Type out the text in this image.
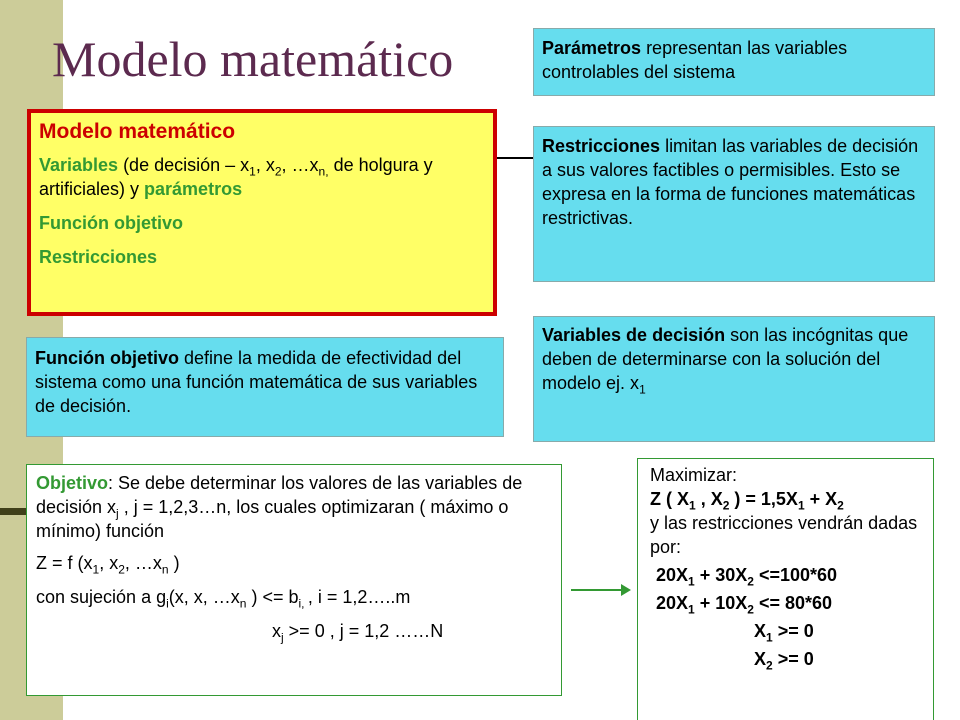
Modelo matemático	Parámetros representan las variables controlables del sistema
Restricciones limitan las variables de decisión a sus valores factibles o permisibles. Esto se expresa en la forma de funciones matemáticas restrictivas.
Variables de decisión son las incógnitas que deben de determinarse con la solución del modelo ej. $x_1$
Función objetivo define la medida de efectividad del sistema como una función matemática de sus variables de decisión.

Modelo matemático

Variables (de decisión – $x_1$, $x_2$, $\dots x_{n,}$ de holgura y artificiales) y parámetros

Función objetivo

Restricciones

Objetivo: Se debe determinar los valores de las variables de decisión $x_j$ , j = 1,2,3…n, los cuales optimizaran ( máximo o mínimo) función

Z = f ($x_1$, $x_2$, $\dots x_n$ )

con sujeción a $g_i(x$, x, $\dots x_n$ ) <= $b_{i,}$ , i = 1,2…..m

$x_j >= 0$ , j = 1,2 ……N

Maximizar:

Z ( $X_1$ , $X_2$ ) = $1,5X_1 + X_2$

y las restricciones vendrán dadas por:

$20X_1 + 30X_2 <=100*60$

$20X_1 + 10X_2 <= 80*60$

$X_1 >= 0$

$X_2 >= 0$
